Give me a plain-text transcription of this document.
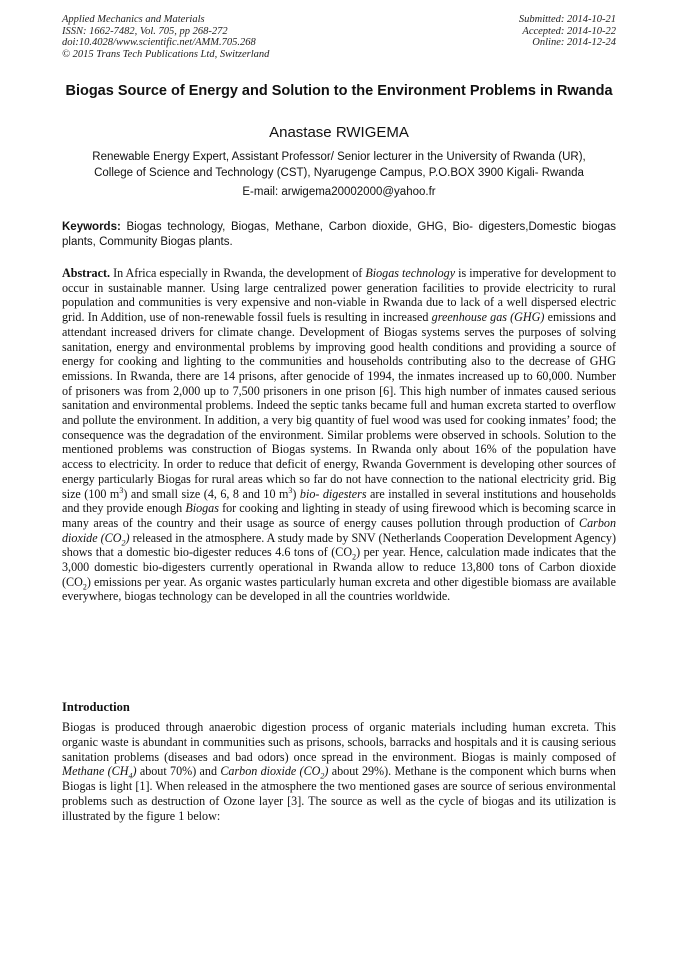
Applied Mechanics and Materials
ISSN: 1662-7482, Vol. 705, pp 268-272
doi:10.4028/www.scientific.net/AMM.705.268
© 2015 Trans Tech Publications Ltd, Switzerland
Submitted: 2014-10-21
Accepted: 2014-10-22
Online: 2014-12-24
Biogas Source of Energy and Solution to the Environment Problems in Rwanda
Anastase RWIGEMA
Renewable Energy Expert, Assistant Professor/ Senior lecturer in the University of Rwanda (UR),
College of Science and Technology (CST), Nyarugenge Campus, P.O.BOX 3900 Kigali- Rwanda
E-mail: arwigema20002000@yahoo.fr
Keywords: Biogas technology, Biogas, Methane, Carbon dioxide, GHG, Bio- digesters,Domestic biogas plants, Community Biogas plants.

Abstract. In Africa especially in Rwanda, the development of Biogas technology is imperative for development to occur in sustainable manner. Using large centralized power generation facilities to provide electricity to rural population and communities is very expensive and non-viable in Rwanda due to lack of a well dispersed electric grid. In Addition, use of non-renewable fossil fuels is resulting in increased greenhouse gas (GHG) emissions and attendant increased drivers for climate change. Development of Biogas systems serves the purposes of solving sanitation, energy and environmental problems by improving good health conditions and providing a source of energy for cooking and lighting to the communities and households contributing also to the decrease of GHG emissions. In Rwanda, there are 14 prisons, after genocide of 1994, the inmates increased up to 60,000. Number of prisoners was from 2,000 up to 7,500 prisoners in one prison [6]. This high number of inmates caused serious sanitation and environmental problems. Indeed the septic tanks became full and human excreta started to overflow and pollute the environment. In addition, a very big quantity of fuel wood was used for cooking inmates’ food; the consequence was the degradation of the environment. Similar problems were observed in schools. Solution to the mentioned problems was construction of Biogas systems. In Rwanda only about 16% of the population have access to electricity. In order to reduce that deficit of energy, Rwanda Government is developing other sources of energy particularly Biogas for rural areas which so far do not have connection to the national electricity grid. Big size (100 $m^3$) and small size (4, 6, 8 and 10 $m^3$) bio- digesters are installed in several institutions and households and they provide enough Biogas for cooking and lighting in steady of using firewood which is becoming scarce in many areas of the country and their usage as source of energy causes pollution through production of Carbon dioxide $(CO_2)$ released in the atmosphere. A study made by SNV (Netherlands Cooperation Development Agency) shows that a domestic bio-digester reduces 4.6 tons of $(CO_2)$ per year. Hence, calculation made indicates that the 3,000 domestic bio-digesters currently operational in Rwanda allow to reduce 13,800 tons of Carbon dioxide $(CO_2)$ emissions per year. As organic wastes particularly human excreta and other digestible biomass are available everywhere, biogas technology can be developed in all the countries worldwide.

Introduction

Biogas is produced through anaerobic digestion process of organic materials including human excreta. This organic waste is abundant in communities such as prisons, schools, barracks and hospitals and it is causing serious sanitation problems (diseases and bad odors) once spread in the environment. Biogas is mainly composed of Methane $(CH_4)$ about 70%) and Carbon dioxide $(CO_2)$ about 29%). Methane is the component which burns when Biogas is light [1]. When released in the atmosphere the two mentioned gases are source of serious environmental problems such as destruction of Ozone layer [3]. The source as well as the cycle of biogas and its utilization is illustrated by the figure 1 below:
